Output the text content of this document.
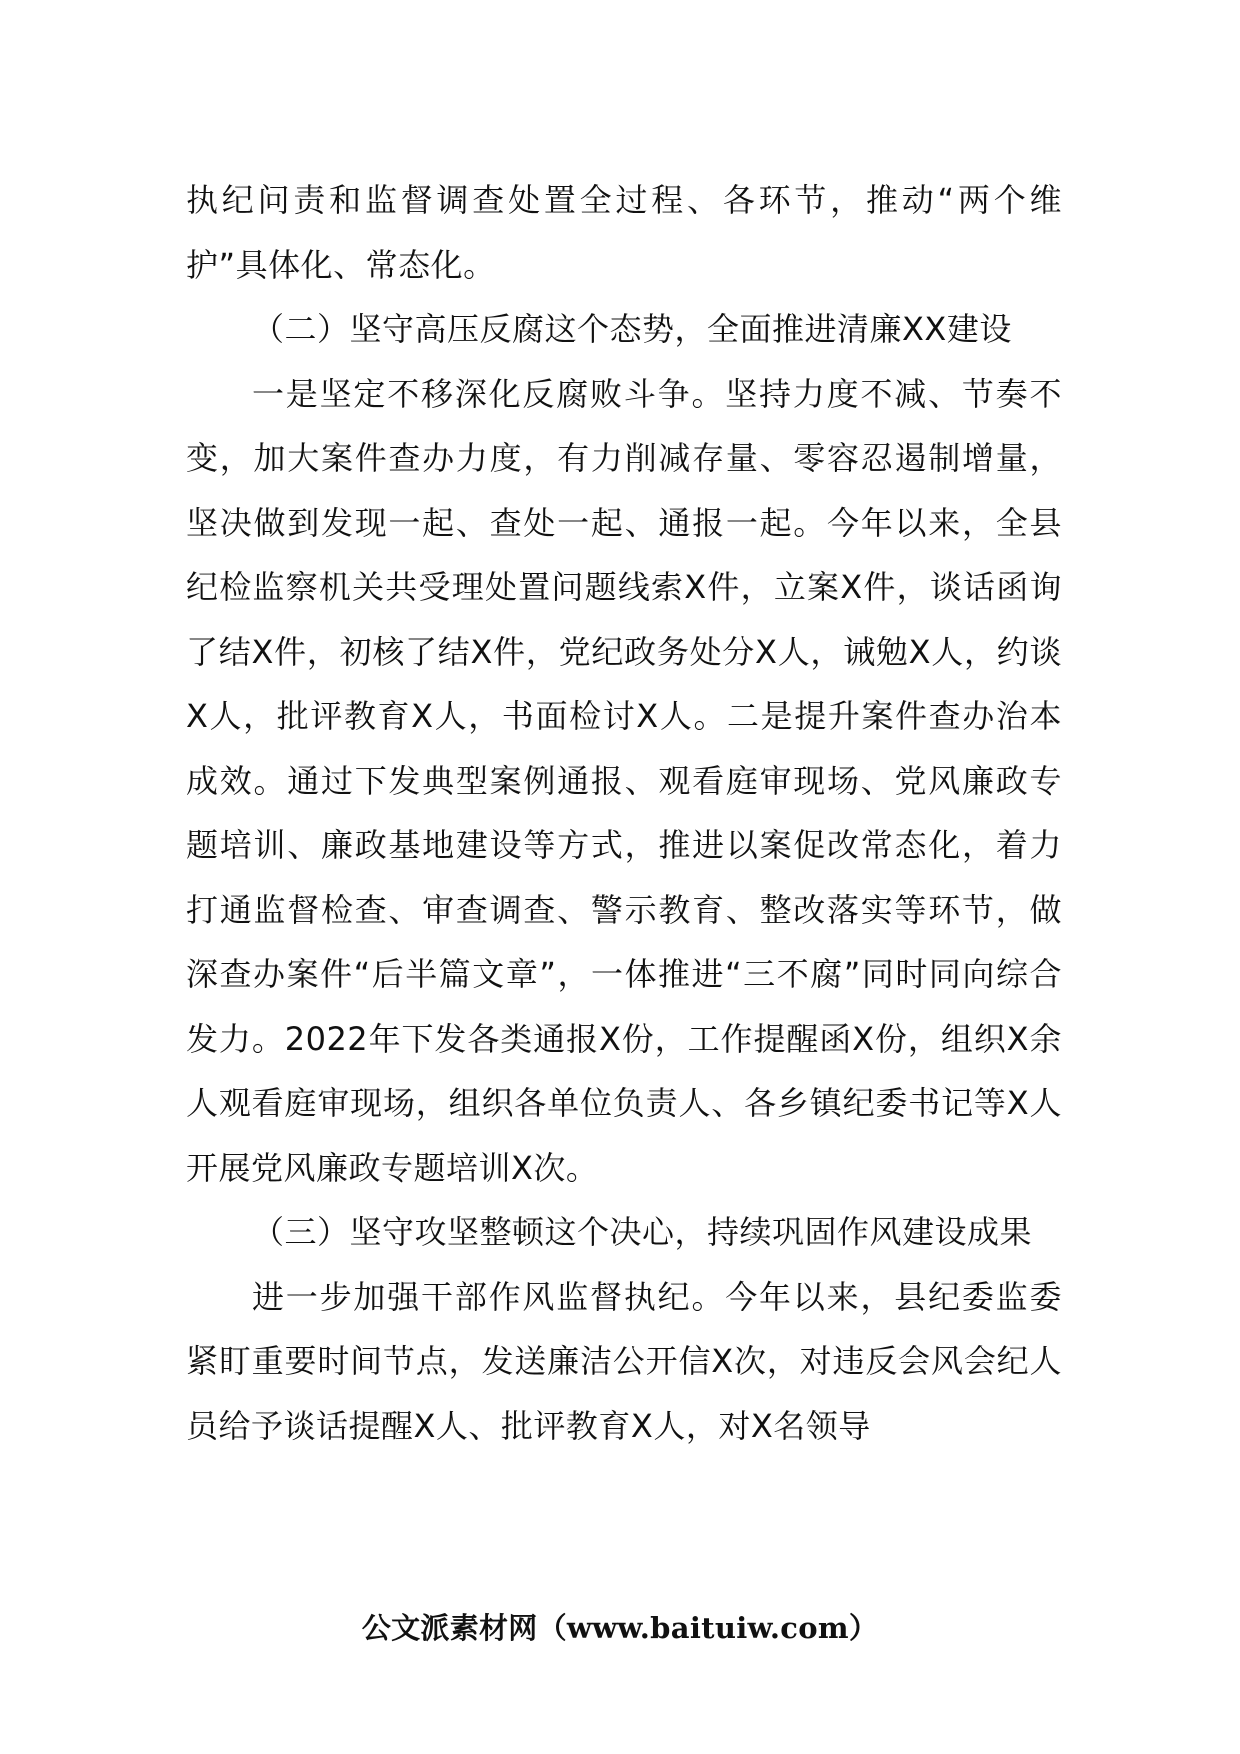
执纪问责和监督调查处置全过程、各环节，推动“两个维护”具体化、常态化。

（二）坚守高压反腐这个态势，全面推进清廉XX建设

一是坚定不移深化反腐败斗争。坚持力度不减、节奏不变，加大案件查办力度，有力削减存量、零容忍遏制增量，坚决做到发现一起、查处一起、通报一起。今年以来，全县纪检监察机关共受理处置问题线索X件，立案X件，谈话函询了结X件，初核了结X件，党纪政务处分X人，诫勉X人，约谈X人，批评教育X人，书面检讨X人。二是提升案件查办治本成效。通过下发典型案例通报、观看庭审现场、党风廉政专题培训、廉政基地建设等方式，推进以案促改常态化，着力打通监督检查、审查调查、警示教育、整改落实等环节，做深查办案件“后半篇文章”，一体推进“三不腐”同时同向综合发力。2022年下发各类通报X份，工作提醒函X份，组织X余人观看庭审现场，组织各单位负责人、各乡镇纪委书记等X人开展党风廉政专题培训X次。

（三）坚守攻坚整顿这个决心，持续巩固作风建设成果

进一步加强干部作风监督执纪。今年以来，县纪委监委紧盯重要时间节点，发送廉洁公开信X次，对违反会风会纪人员给予谈话提醒X人、批评教育X人，对X名领导

公文派素材网（www.baituiw.com）
